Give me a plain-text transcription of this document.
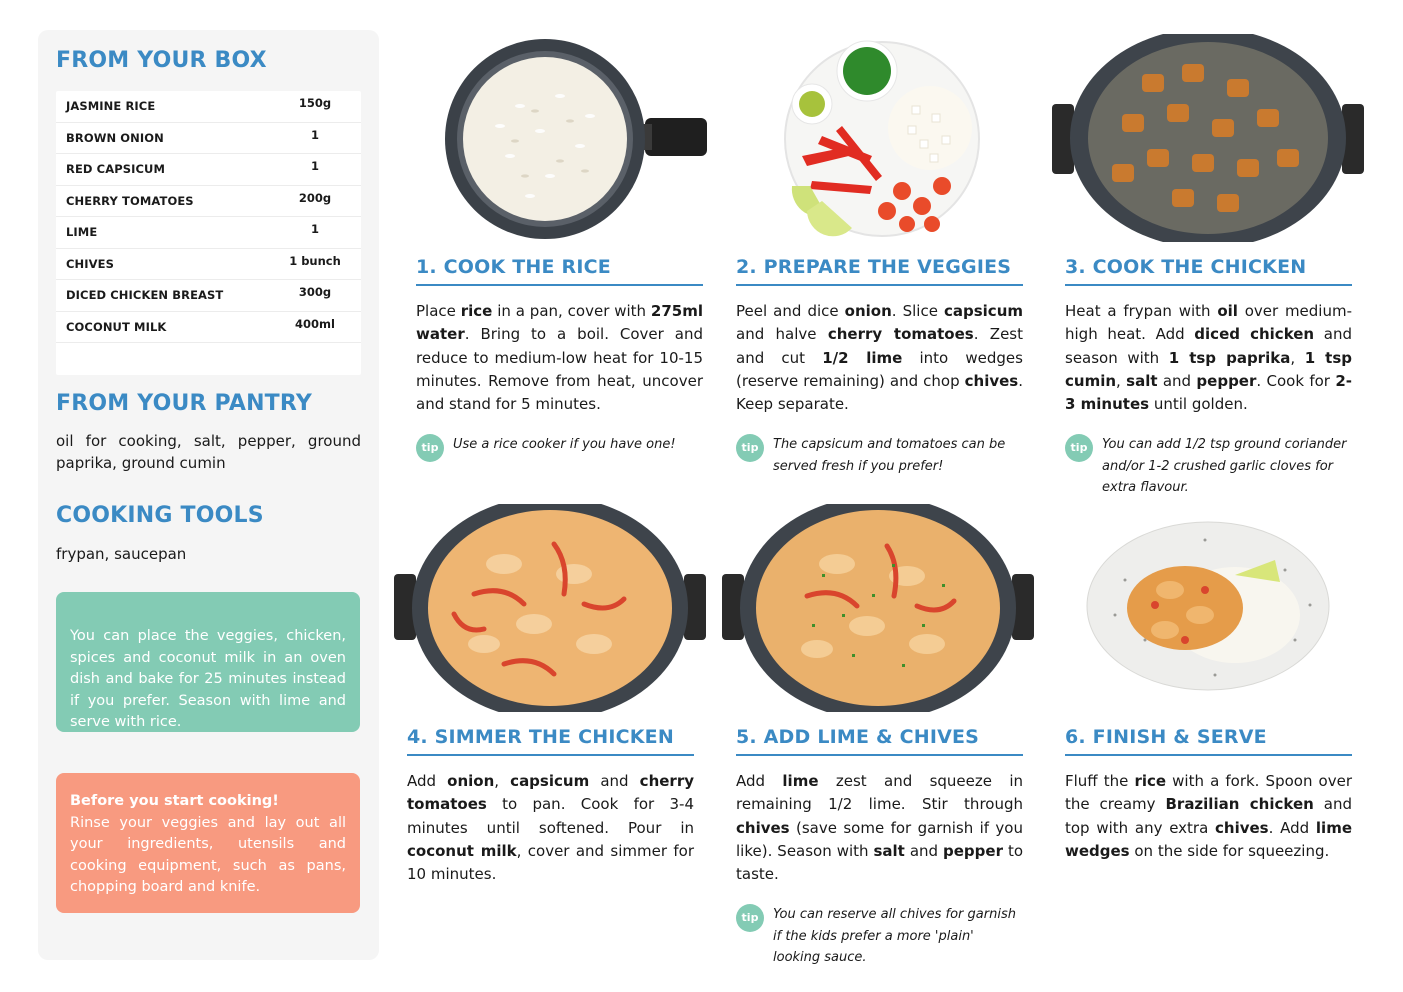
FROM YOUR BOX
JASMINE RICE	150g
BROWN ONION	1
RED CAPSICUM	1
CHERRY TOMATOES	200g
LIME	1
CHIVES	1 bunch
DICED CHICKEN BREAST	300g
COCONUT MILK	400ml
FROM YOUR PANTRY

oil for cooking, salt, pepper, ground paprika, ground cumin

COOKING TOOLS

frypan, saucepan

You can place the veggies, chicken, spices and coconut milk in an oven dish and bake for 25 minutes instead if you prefer. Season with lime and serve with rice.
Before you start cooking!
Rinse your veggies and lay out all your ingredients, utensils and cooking equipment, such as pans, chopping board and knife.
1. COOK THE RICE

Place rice in a pan, cover with 275ml water. Bring to a boil. Cover and reduce to medium-low heat for 10-15 minutes. Remove from heat, uncover and stand for 5 minutes.

tip	Use a rice cooker if you have one!
2. PREPARE THE VEGGIES

Peel and dice onion. Slice capsicum and halve cherry tomatoes. Zest and cut 1/2 lime into wedges (reserve remaining) and chop chives. Keep separate.

tip	The capsicum and tomatoes can be served fresh if you prefer!
3. COOK THE CHICKEN

Heat a frypan with oil over medium-high heat. Add diced chicken and season with 1 tsp paprika, 1 tsp cumin, salt and pepper. Cook for 2-3 minutes until golden.

tip	You can add 1/2 tsp ground coriander and/or 1-2 crushed garlic cloves for extra flavour.
4. SIMMER THE CHICKEN

Add onion, capsicum and cherry tomatoes to pan. Cook for 3-4 minutes until softened. Pour in coconut milk, cover and simmer for 10 minutes.

5. ADD LIME & CHIVES

Add lime zest and squeeze in remaining 1/2 lime. Stir through chives (save some for garnish if you like). Season with salt and pepper to taste.

tip	You can reserve all chives for garnish if the kids prefer a more 'plain' looking sauce.
6. FINISH & SERVE

Fluff the rice with a fork. Spoon over the creamy Brazilian chicken and top with any extra chives. Add lime wedges on the side for squeezing.
